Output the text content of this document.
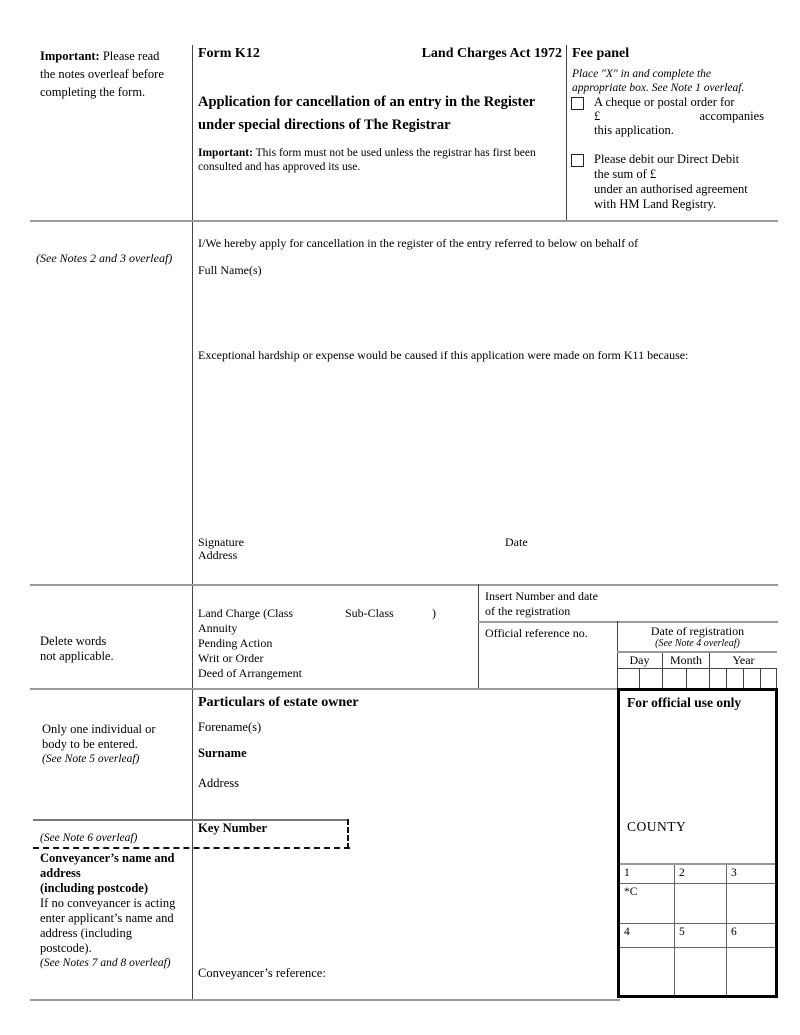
Important: Please read
the notes overleaf before
completing the form.
Form K12	Land Charges Act 1972
Application for cancellation of an entry in the Register under special directions of The Registrar
Important: This form must not be used unless the registrar has first been consulted and has approved its use.
Fee panel
Place "X" in and complete the
appropriate box. See Note 1 overleaf.
A cheque or postal order for
£	accompanies
this application.
Please debit our Direct Debit
the sum of £
under an authorised agreement
with HM Land Registry.
(See Notes 2 and 3 overleaf)
I/We hereby apply for cancellation in the register of the entry referred to below on behalf of
Full Name(s)
Exceptional hardship or expense would be caused if this application were made on form K11 because:
Signature
Address
Date
Delete words
not applicable.
Land Charge (Class	Sub-Class	)
Annuity
Pending Action
Writ or Order
Deed of Arrangement
Insert Number and date
of the registration
Official reference no.	Date of registration
(See Note 4 overleaf)
Day	Month	Year
Only one individual or
body to be entered.
(See Note 5 overleaf)
Particulars of estate owner
Forename(s)
Surname
Address
Key Number
(See Note 6 overleaf)
Conveyancer’s name and
address
(including postcode)
If no conveyancer is acting
enter applicant’s name and
address (including
postcode).
(See Notes 7 and 8 overleaf)
Conveyancer’s reference:
For official use only
COUNTY
1	2	3
*C
4	5	6
